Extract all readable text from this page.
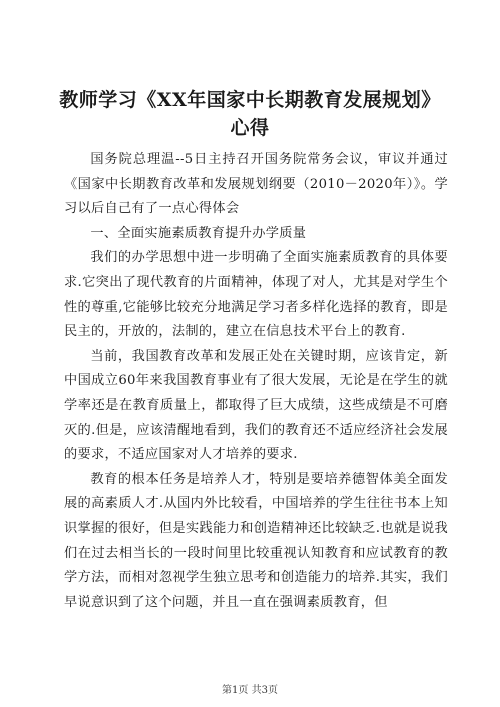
教师学习《XX年国家中长期教育发展规划》
心得

国务院总理温--5日主持召开国务院常务会议，审议并通过《国家中长期教育改革和发展规划纲要（2010－2020年）》。学习以后自己有了一点心得体会

一、全面实施素质教育提升办学质量

我们的办学思想中进一步明确了全面实施素质教育的具体要求.它突出了现代教育的片面精神，体现了对人，尤其是对学生个性的尊重,它能够比较充分地满足学习者多样化选择的教育，即是民主的，开放的，法制的，建立在信息技术平台上的教育.

当前，我国教育改革和发展正处在关键时期，应该肯定，新中国成立60年来我国教育事业有了很大发展，无论是在学生的就学率还是在教育质量上，都取得了巨大成绩，这些成绩是不可磨灭的.但是，应该清醒地看到，我们的教育还不适应经济社会发展的要求，不适应国家对人才培养的要求.

教育的根本任务是培养人才，特别是要培养德智体美全面发展的高素质人才.从国内外比较看，中国培养的学生往往书本上知识掌握的很好，但是实践能力和创造精神还比较缺乏.也就是说我们在过去相当长的一段时间里比较重视认知教育和应试教育的教学方法，而相对忽视学生独立思考和创造能力的培养.其实，我们早说意识到了这个问题，并且一直在强调素质教育，但

第1页 共3页
